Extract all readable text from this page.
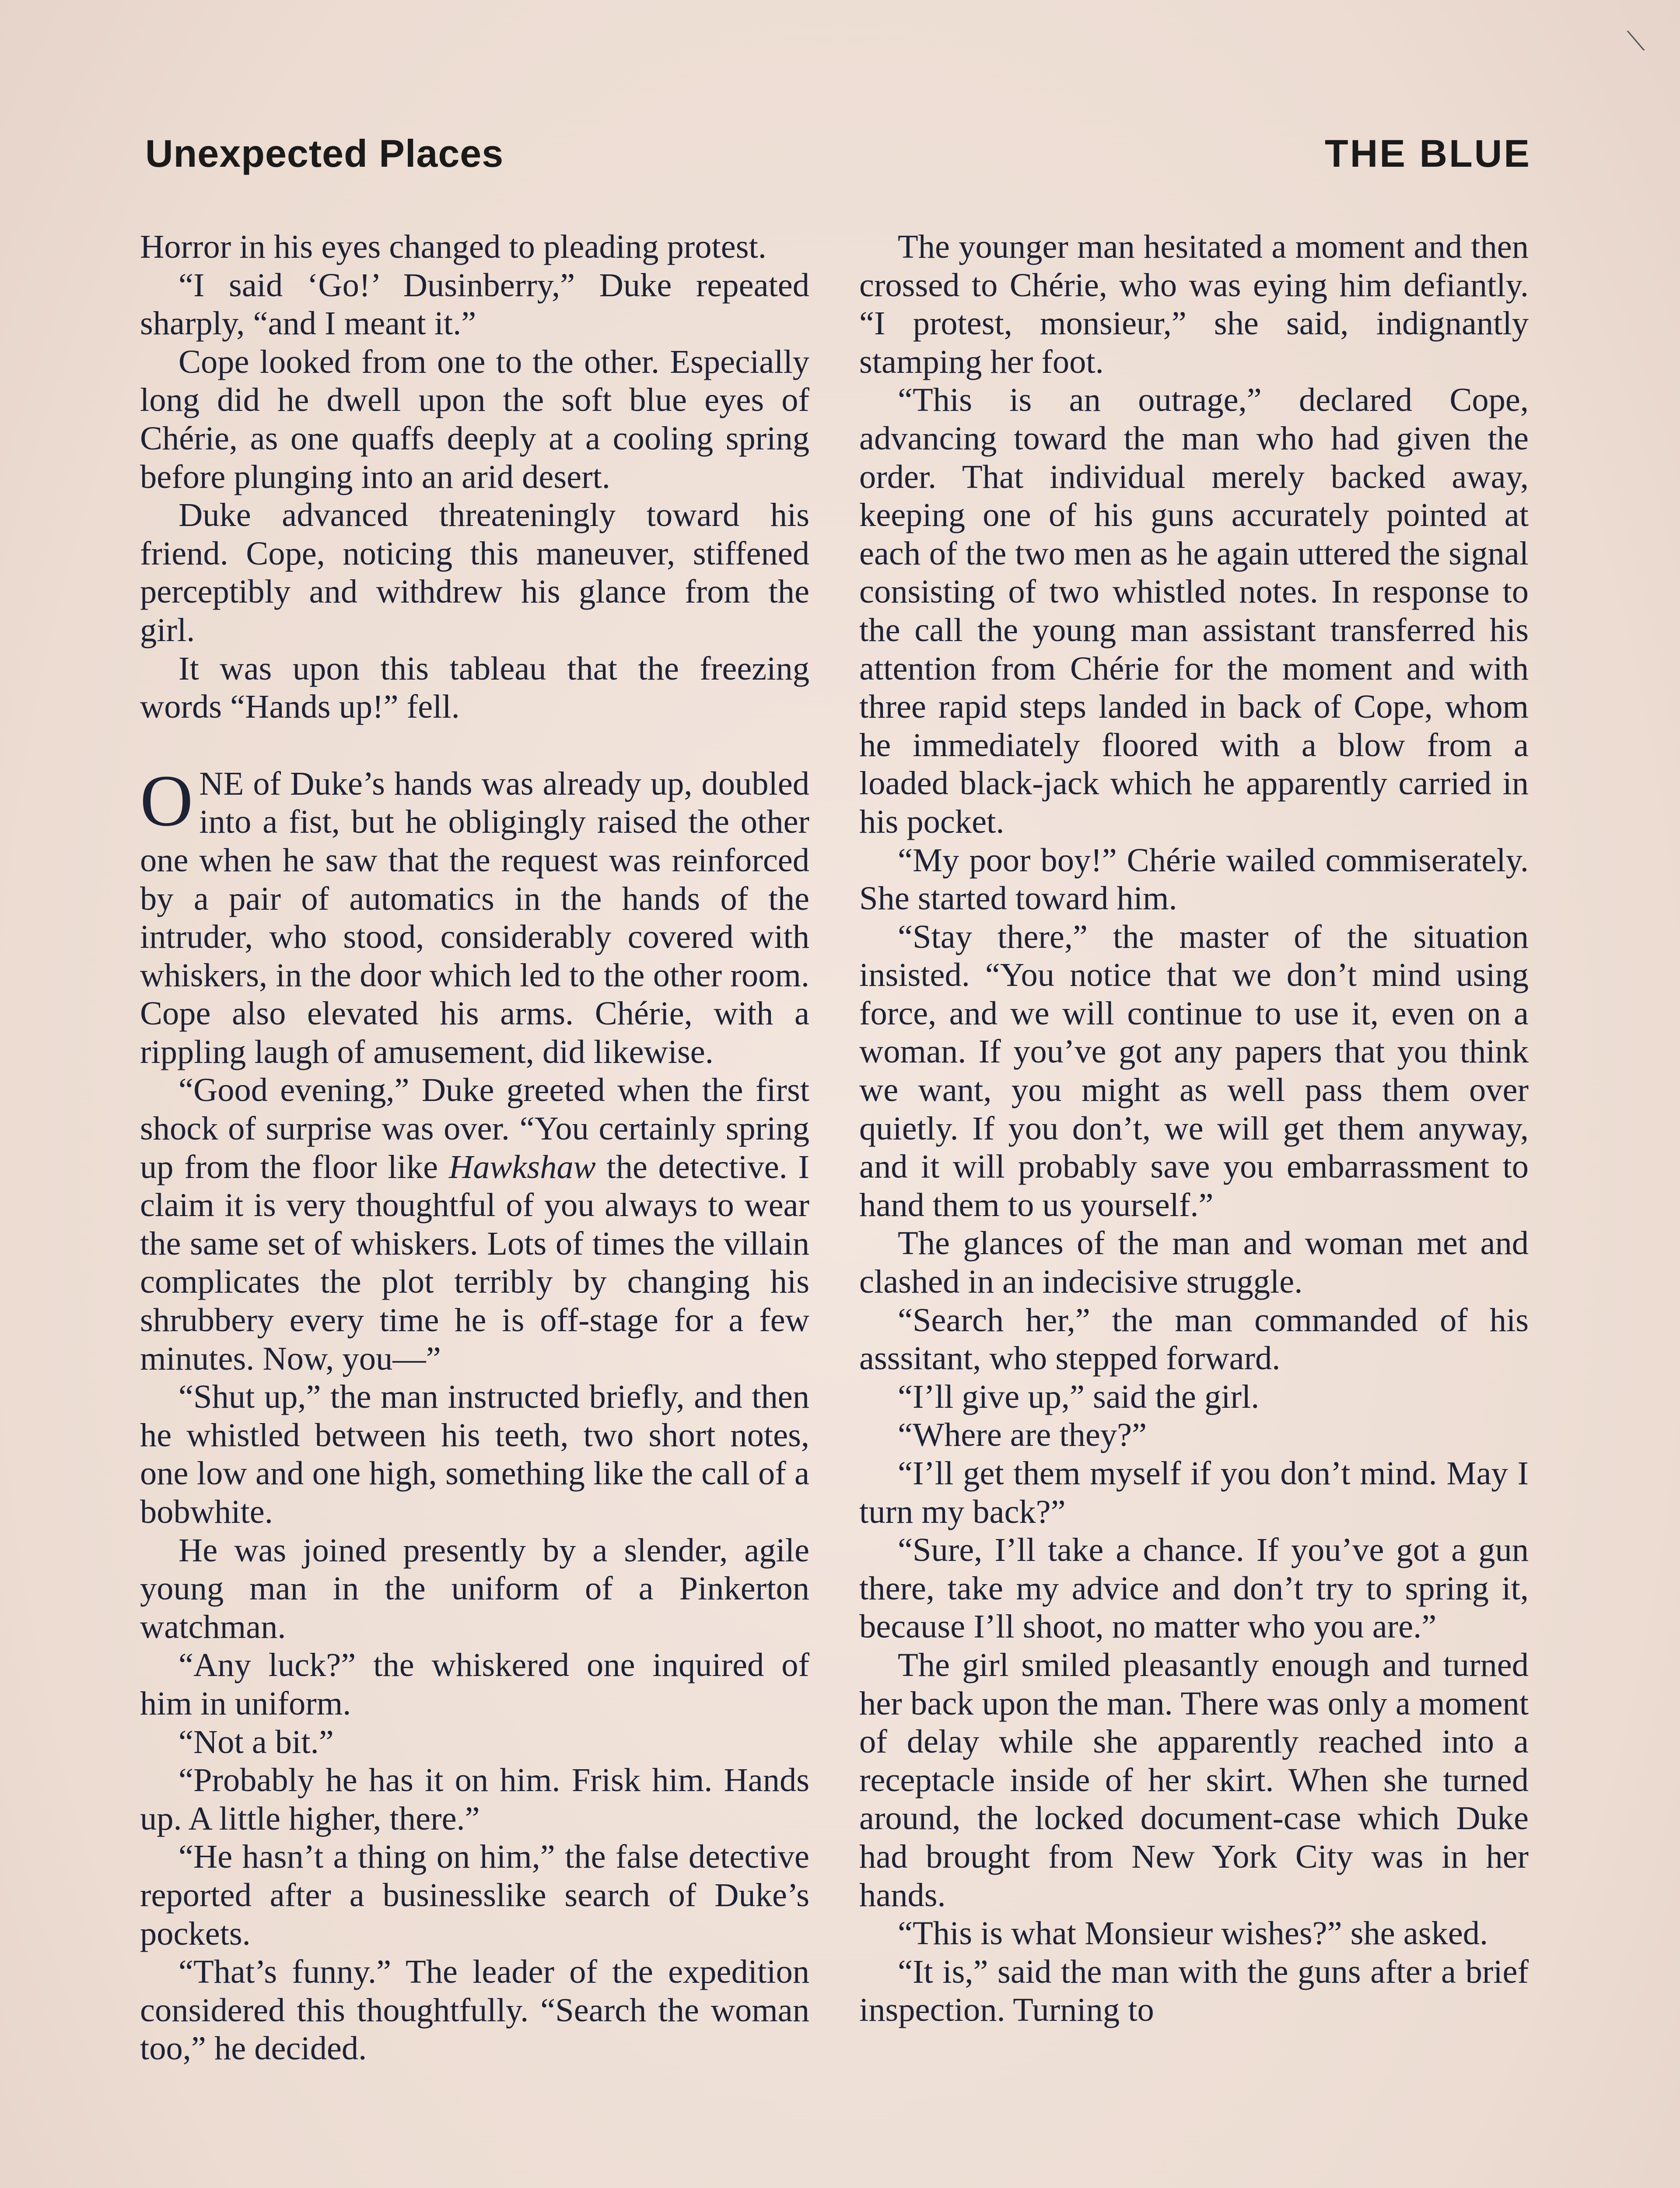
⟍
Unexpected Places	THE BLUE

Horror in his eyes changed to pleading protest.

“I said ‘Go!’ Dusinberry,” Duke repeated sharply, “and I meant it.”

Cope looked from one to the other. Especially long did he dwell upon the soft blue eyes of Chérie, as one quaffs deeply at a cooling spring before plunging into an arid desert.

Duke advanced threateningly toward his friend. Cope, noticing this maneuver, stiffened perceptibly and withdrew his glance from the girl.

It was upon this tableau that the freezing words “Hands up!” fell.

ONE of Duke’s hands was already up, doubled into a fist, but he obligingly raised the other one when he saw that the request was reinforced by a pair of automatics in the hands of the intruder, who stood, considerably covered with whiskers, in the door which led to the other room. Cope also elevated his arms. Chérie, with a rippling laugh of amusement, did likewise.

“Good evening,” Duke greeted when the first shock of surprise was over. “You certainly spring up from the floor like Hawkshaw the detective. I claim it is very thoughtful of you always to wear the same set of whiskers. Lots of times the villain complicates the plot terribly by changing his shrubbery every time he is off-stage for a few minutes. Now, you—”

“Shut up,” the man instructed briefly, and then he whistled between his teeth, two short notes, one low and one high, something like the call of a bobwhite.

He was joined presently by a slender, agile young man in the uniform of a Pinkerton watchman.

“Any luck?” the whiskered one inquired of him in uniform.

“Not a bit.”

“Probably he has it on him. Frisk him. Hands up. A little higher, there.”

“He hasn’t a thing on him,” the false detective reported after a businesslike search of Duke’s pockets.

“That’s funny.” The leader of the expedition considered this thoughtfully. “Search the woman too,” he decided.

The younger man hesitated a moment and then crossed to Chérie, who was eying him defiantly. “I protest, monsieur,” she said, indignantly stamping her foot.

“This is an outrage,” declared Cope, advancing toward the man who had given the order. That individual merely backed away, keeping one of his guns accurately pointed at each of the two men as he again uttered the signal consisting of two whistled notes. In response to the call the young man assistant transferred his attention from Chérie for the moment and with three rapid steps landed in back of Cope, whom he immediately floored with a blow from a loaded black-jack which he apparently carried in his pocket.

“My poor boy!” Chérie wailed commiserately. She started toward him.

“Stay there,” the master of the situation insisted. “You notice that we don’t mind using force, and we will continue to use it, even on a woman. If you’ve got any papers that you think we want, you might as well pass them over quietly. If you don’t, we will get them anyway, and it will probably save you embarrassment to hand them to us yourself.”

The glances of the man and woman met and clashed in an indecisive struggle.

“Search her,” the man commanded of his asssitant, who stepped forward.

“I’ll give up,” said the girl.

“Where are they?”

“I’ll get them myself if you don’t mind. May I turn my back?”

“Sure, I’ll take a chance. If you’ve got a gun there, take my advice and don’t try to spring it, because I’ll shoot, no matter who you are.”

The girl smiled pleasantly enough and turned her back upon the man. There was only a moment of delay while she apparently reached into a receptacle inside of her skirt. When she turned around, the locked document-case which Duke had brought from New York City was in her hands.

“This is what Monsieur wishes?” she asked.

“It is,” said the man with the guns after a brief inspection. Turning to
